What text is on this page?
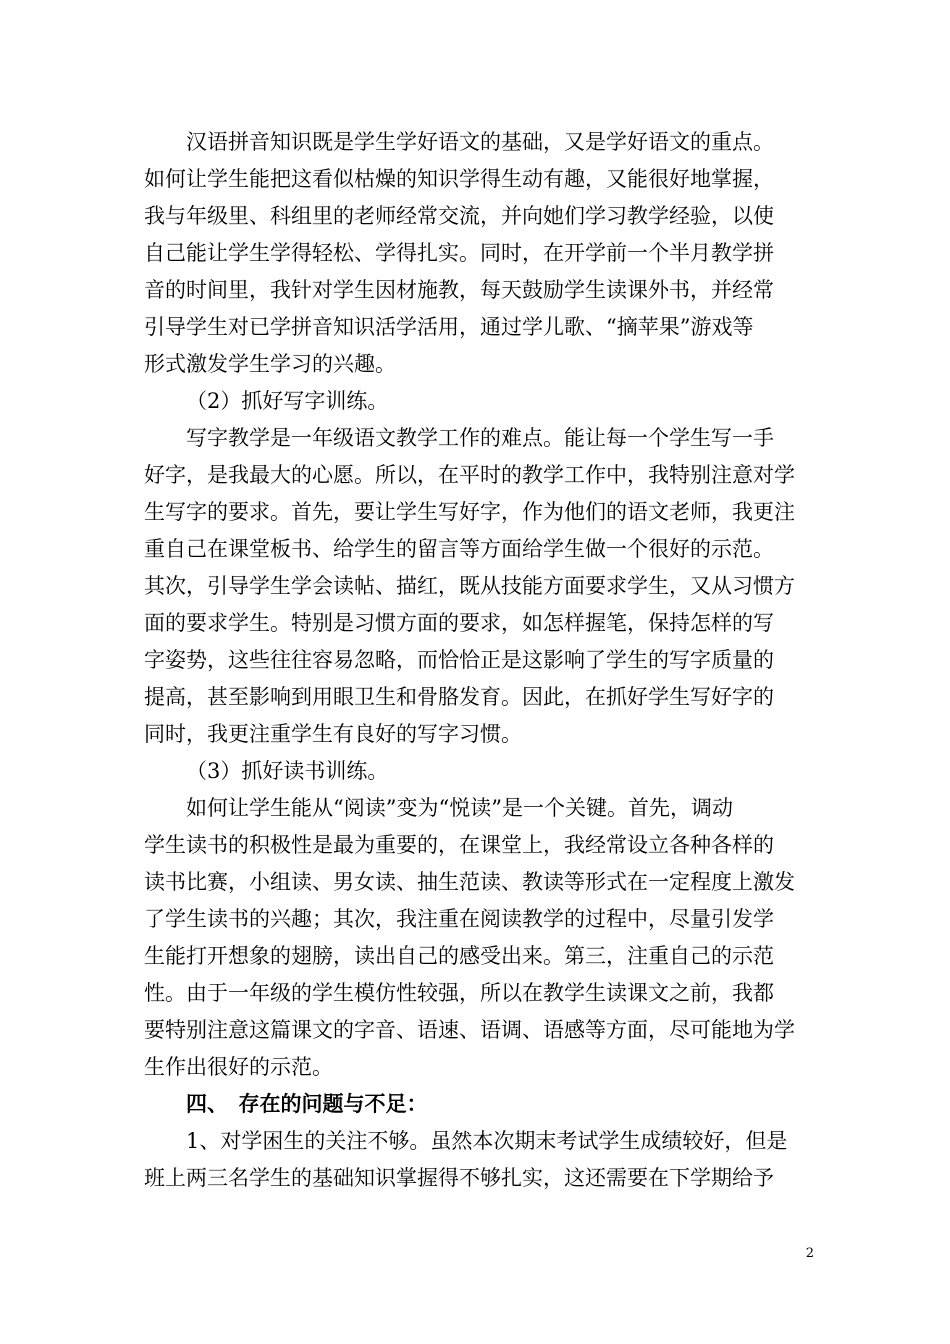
汉语拼音知识既是学生学好语文的基础，又是学好语文的重点。
如何让学生能把这看似枯燥的知识学得生动有趣，又能很好地掌握，
我与年级里、科组里的老师经常交流，并向她们学习教学经验，以使
自己能让学生学得轻松、学得扎实。同时，在开学前一个半月教学拼
音的时间里，我针对学生因材施教，每天鼓励学生读课外书，并经常
引导学生对已学拼音知识活学活用，通过学儿歌、“摘苹果”游戏等
形式激发学生学习的兴趣。
（2）抓好写字训练。
写字教学是一年级语文教学工作的难点。能让每一个学生写一手
好字，是我最大的心愿。所以，在平时的教学工作中，我特别注意对学
生写字的要求。首先，要让学生写好字，作为他们的语文老师，我更注
重自己在课堂板书、给学生的留言等方面给学生做一个很好的示范。
其次，引导学生学会读帖、描红，既从技能方面要求学生，又从习惯方
面的要求学生。特别是习惯方面的要求，如怎样握笔，保持怎样的写
字姿势，这些往往容易忽略，而恰恰正是这影响了学生的写字质量的
提高，甚至影响到用眼卫生和骨胳发育。因此，在抓好学生写好字的
同时，我更注重学生有良好的写字习惯。
（3）抓好读书训练。
如何让学生能从“阅读”变为“悦读”是一个关键。首先，调动
学生读书的积极性是最为重要的，在课堂上，我经常设立各种各样的
读书比赛，小组读、男女读、抽生范读、教读等形式在一定程度上激发
了学生读书的兴趣；其次，我注重在阅读教学的过程中，尽量引发学
生能打开想象的翅膀，读出自己的感受出来。第三，注重自己的示范
性。由于一年级的学生模仿性较强，所以在教学生读课文之前，我都
要特别注意这篇课文的字音、语速、语调、语感等方面，尽可能地为学
生作出很好的示范。
四、　存在的问题与不足：
1、对学困生的关注不够。虽然本次期末考试学生成绩较好，但是
班上两三名学生的基础知识掌握得不够扎实，这还需要在下学期给予
2
